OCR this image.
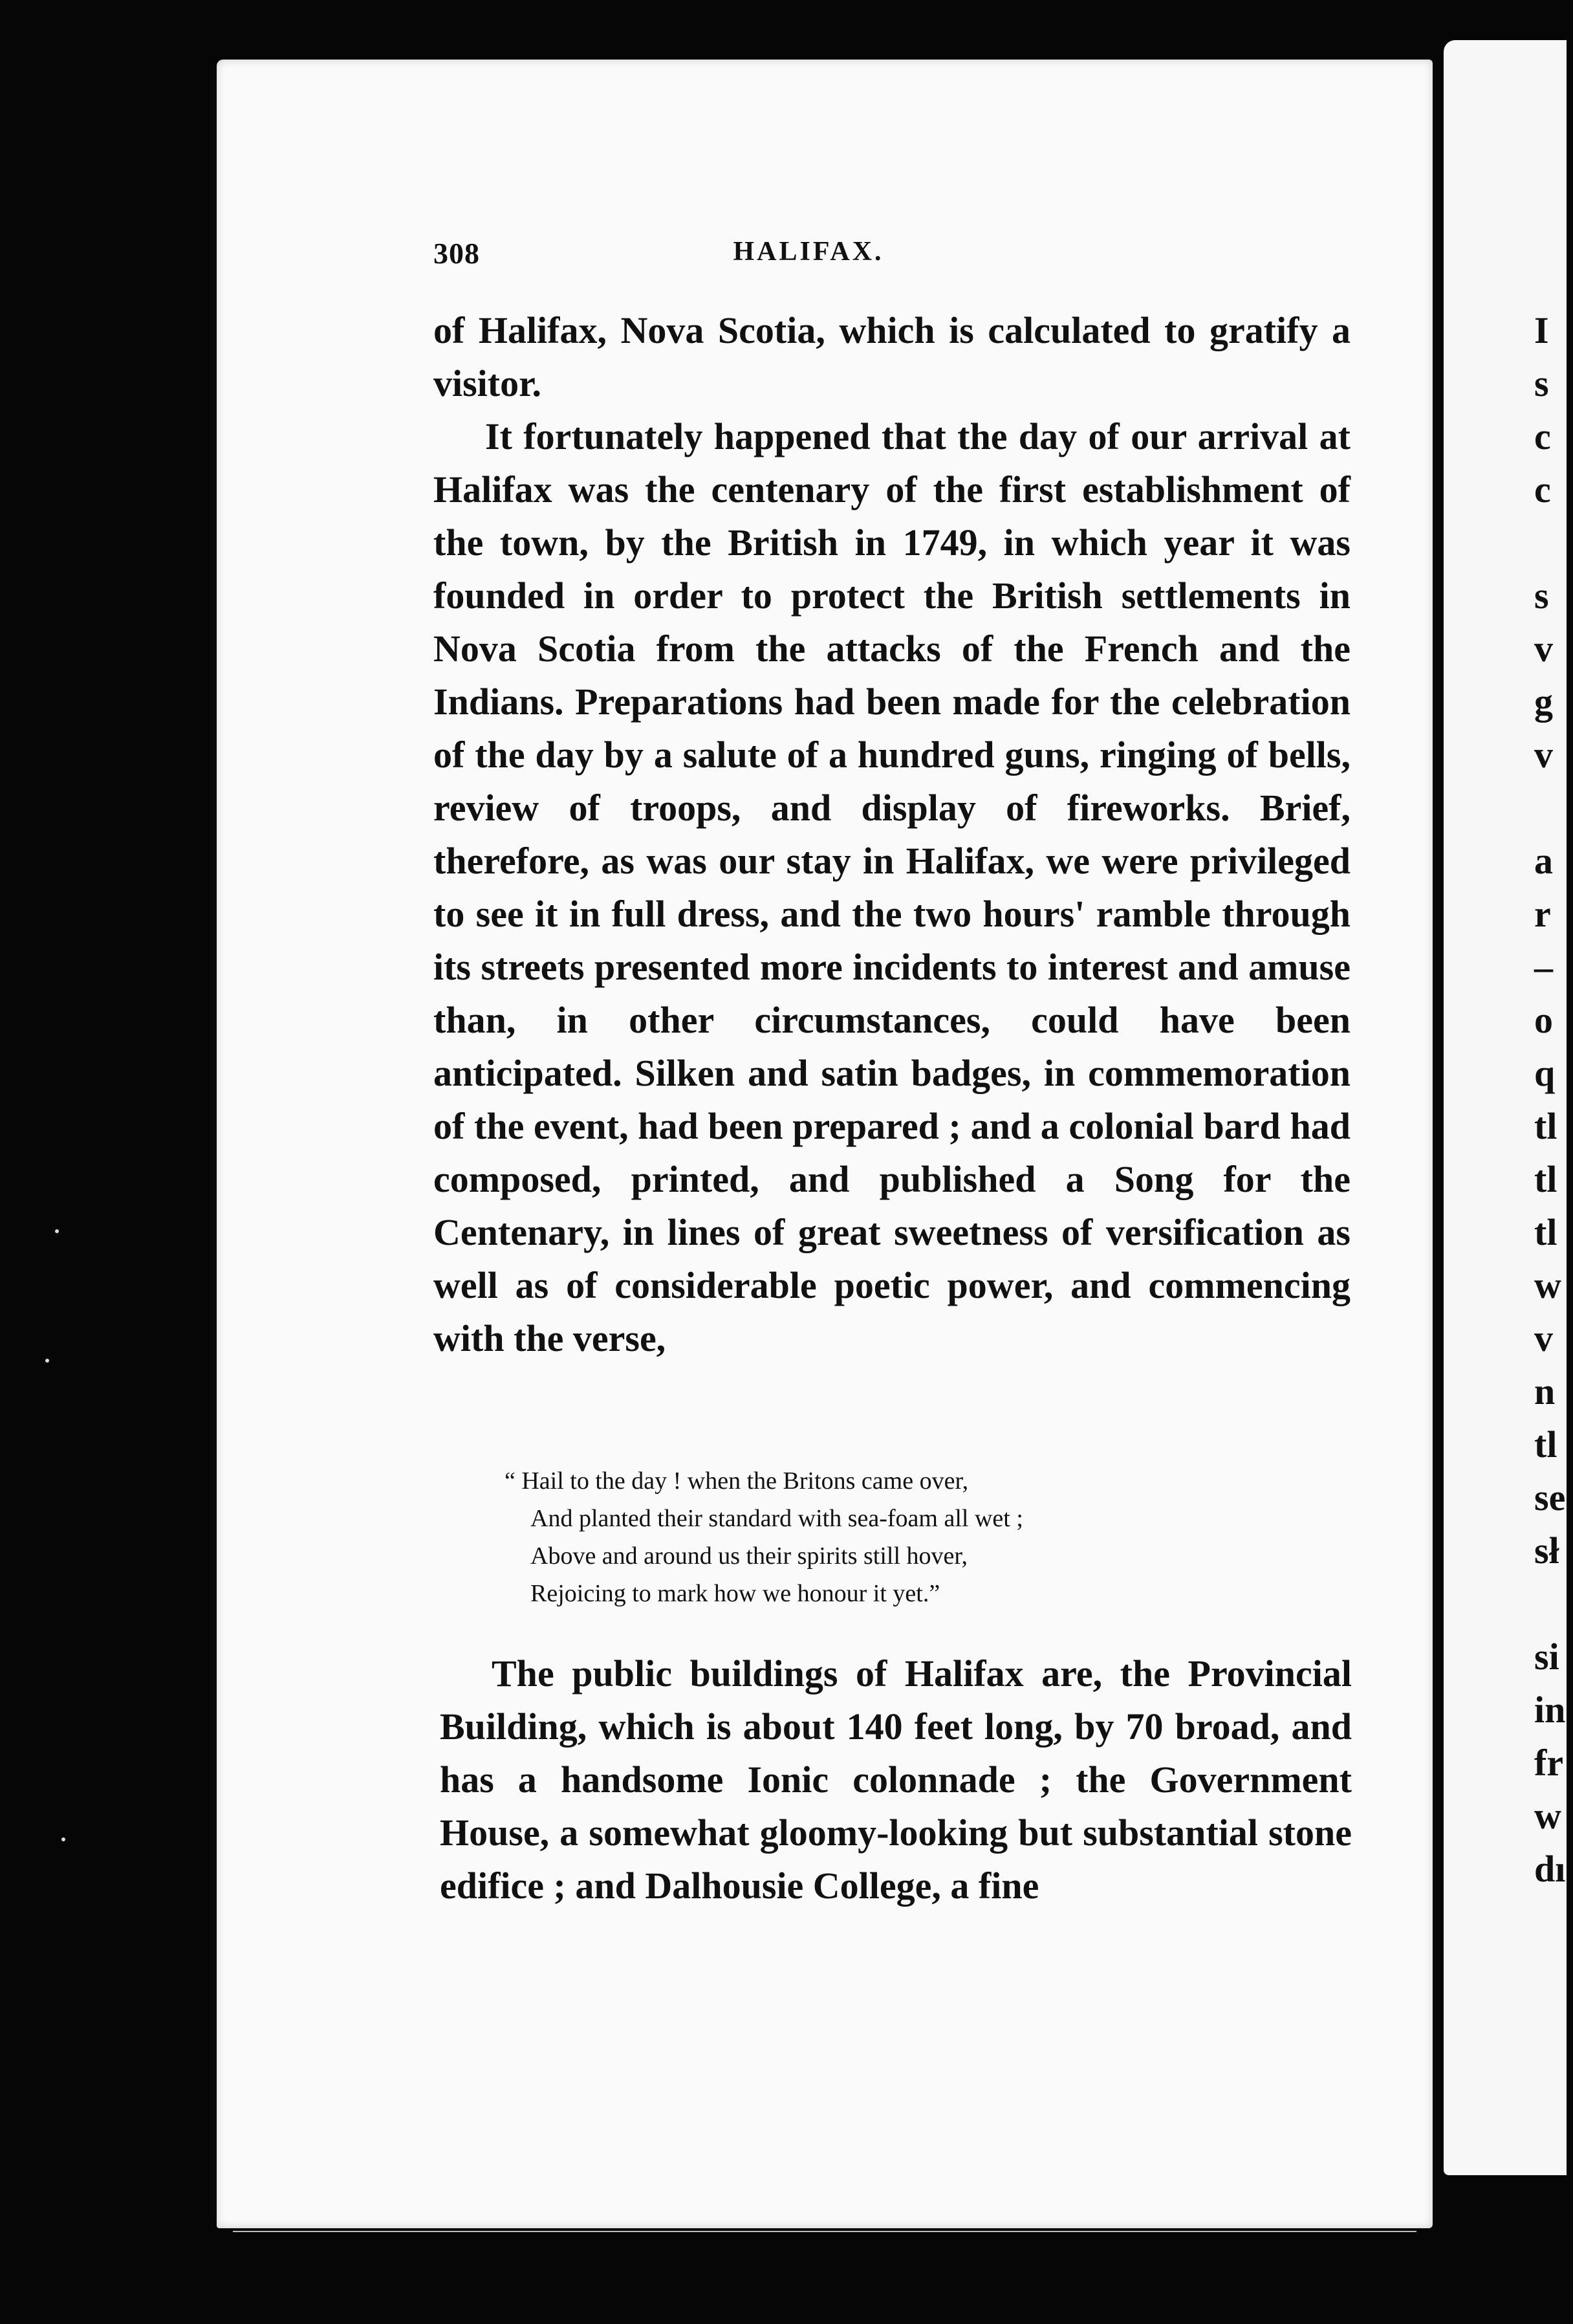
I
s
c
c
s
v
g
v
a
r
–
o
q
tl
tl
tl
w
v
n
tl
se
sł
si
in
fr
w
dı
308	HALIFAX.

of Halifax, Nova Scotia, which is calculated to gratify a visitor.

It fortunately happened that the day of our arrival at Halifax was the centenary of the first establishment of the town, by the British in 1749, in which year it was founded in order to protect the British settlements in Nova Scotia from the attacks of the French and the Indians. Preparations had been made for the celebration of the day by a salute of a hundred guns, ringing of bells, review of troops, and display of fireworks. Brief, therefore, as was our stay in Halifax, we were privileged to see it in full dress, and the two hours' ramble through its streets presented more incidents to interest and amuse than, in other circumstances, could have been anticipated. Silken and satin badges, in commemoration of the event, had been prepared ; and a colonial bard had composed, printed, and published a Song for the Centenary, in lines of great sweetness of versification as well as of considerable poetic power, and commencing with the verse,

“ Hail to the day ! when the Britons came over,

And planted their standard with sea-foam all wet ;

Above and around us their spirits still hover,

Rejoicing to mark how we honour it yet.”

The public buildings of Halifax are, the Provincial Building, which is about 140 feet long, by 70 broad, and has a handsome Ionic colonnade ; the Government House, a somewhat gloomy-looking but substantial stone edifice ; and Dalhousie College, a fine
